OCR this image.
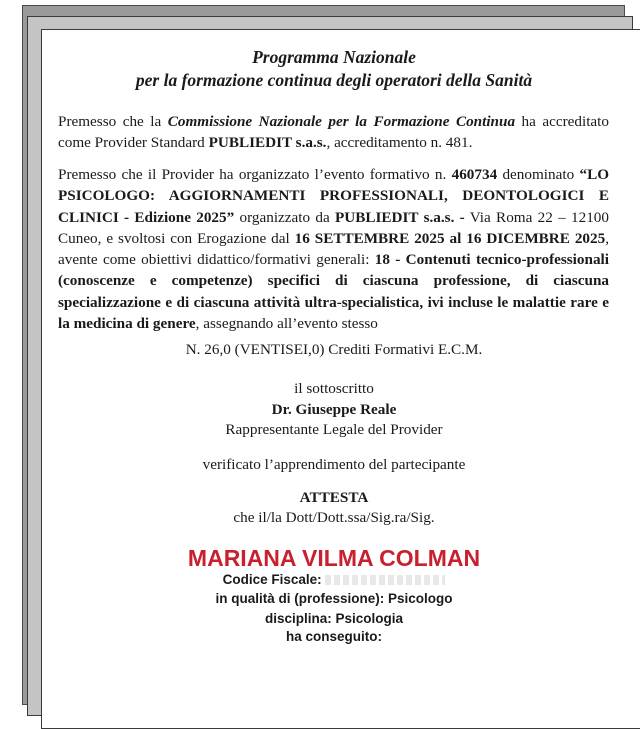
Programma Nazionale
per la formazione continua degli operatori della Sanità
Premesso che la Commissione Nazionale per la Formazione Continua ha accreditato come Provider Standard PUBLIEDIT s.a.s., accreditamento n. 481.
Premesso che il Provider ha organizzato l’evento formativo n. 460734 denominato “LO PSICOLOGO: AGGIORNAMENTI PROFESSIONALI, DEONTOLOGICI E CLINICI - Edizione 2025” organizzato da PUBLIEDIT s.a.s. - Via Roma 22 – 12100 Cuneo, e svoltosi con Erogazione dal 16 SETTEMBRE 2025 al 16 DICEMBRE 2025, avente come obiettivi didattico/formativi generali: 18 - Contenuti tecnico-professionali (conoscenze e competenze) specifici di ciascuna professione, di ciascuna specializzazione e di ciascuna attività ultra-specialistica, ivi incluse le malattie rare e la medicina di genere, assegnando all’evento stesso
N. 26,0 (VENTISEI,0) Crediti Formativi E.C.M.
il sottoscritto
Dr. Giuseppe Reale
Rappresentante Legale del Provider
verificato l’apprendimento del partecipante
ATTESTA
che il/la Dott/Dott.ssa/Sig.ra/Sig.
MARIANA VILMA COLMAN
Codice Fiscale:
in qualità di (professione): Psicologo
disciplina: Psicologia
ha conseguito:
